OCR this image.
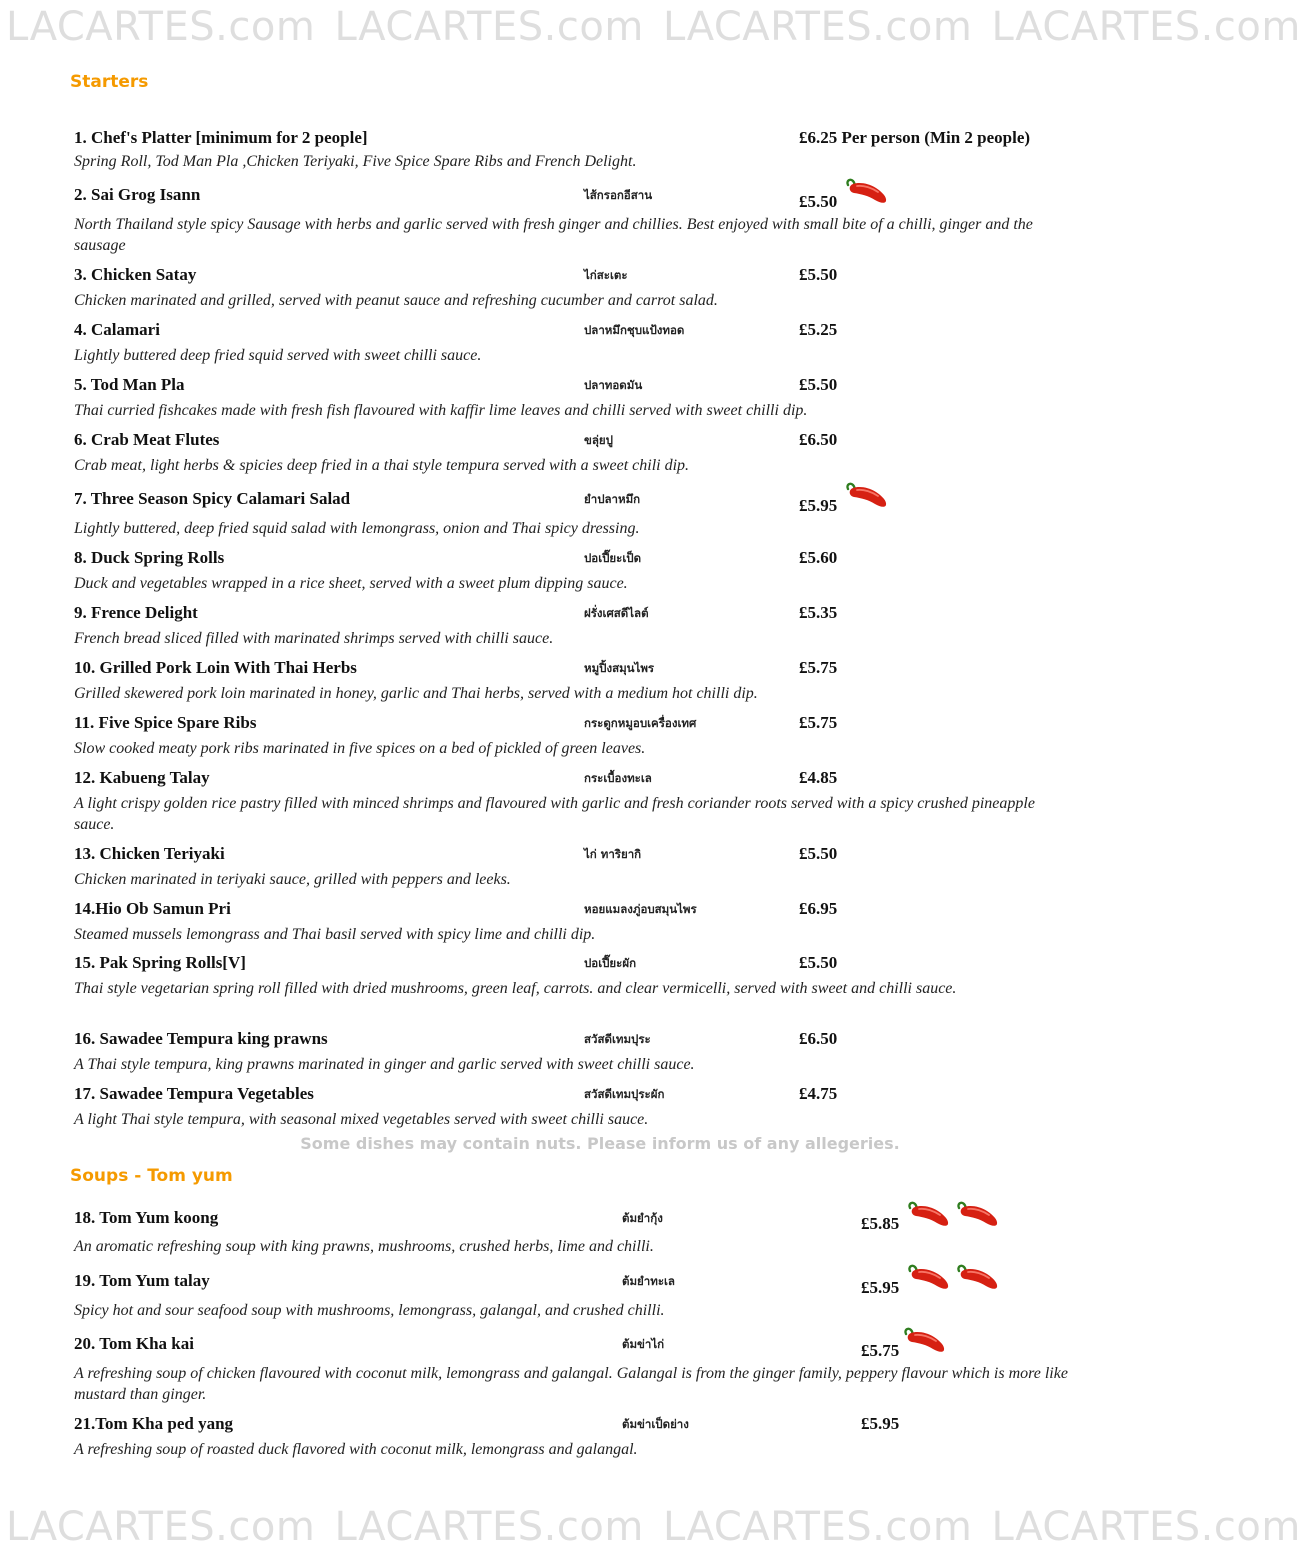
LACARTES.com LACARTES.com LACARTES.com LACARTES.com
Starters
1. Chef's Platter [minimum for 2 people]	£6.25 Per person (Min 2 people)
Spring Roll, Tod Man Pla ,Chicken Teriyaki, Five Spice Spare Ribs and French Delight.
2. Sai Grog Isann	ไส้กรอกอีสาน	£5.50
North Thailand style spicy Sausage with herbs and garlic served with fresh ginger and chillies. Best enjoyed with small bite of a chilli, ginger and the sausage
3. Chicken Satay	ไก่สะเตะ	£5.50
Chicken marinated and grilled, served with peanut sauce and refreshing cucumber and carrot salad.
4. Calamari	ปลาหมึกชุบแป้งทอด	£5.25
Lightly buttered deep fried squid served with sweet chilli sauce.
5. Tod Man Pla	ปลาทอดมัน	£5.50
Thai curried fishcakes made with fresh fish flavoured with kaffir lime leaves and chilli served with sweet chilli dip.
6. Crab Meat Flutes	ขลุ่ยปู	£6.50
Crab meat, light herbs & spicies deep fried in a thai style tempura served with a sweet chili dip.
7. Three Season Spicy Calamari Salad	ยำปลาหมึก	£5.95
Lightly buttered, deep fried squid salad with lemongrass, onion and Thai spicy dressing.
8. Duck Spring Rolls	ปอเปี๊ยะเป็ด	£5.60
Duck and vegetables wrapped in a rice sheet, served with a sweet plum dipping sauce.
9. Frence Delight	ฝรั่งเศสดีไลต์	£5.35
French bread sliced filled with marinated shrimps served with chilli sauce.
10. Grilled Pork Loin With Thai Herbs	หมูปิ้งสมุนไพร	£5.75
Grilled skewered pork loin marinated in honey, garlic and Thai herbs, served with a medium hot chilli dip.
11. Five Spice Spare Ribs	กระดูกหมูอบเครื่องเทศ	£5.75
Slow cooked meaty pork ribs marinated in five spices on a bed of pickled of green leaves.
12. Kabueng Talay	กระเบื้องทะเล	£4.85
A light crispy golden rice pastry filled with minced shrimps and flavoured with garlic and fresh coriander roots served with a spicy crushed pineapple sauce.
13. Chicken Teriyaki	ไก่ ทาริยากิ	£5.50
Chicken marinated in teriyaki sauce, grilled with peppers and leeks.
14.Hio Ob Samun Pri	หอยแมลงภู่อบสมุนไพร	£6.95
Steamed mussels lemongrass and Thai basil served with spicy lime and chilli dip.
15. Pak Spring Rolls[V]	ปอเปี๊ยะผัก	£5.50
Thai style vegetarian spring roll filled with dried mushrooms, green leaf, carrots. and clear vermicelli, served with sweet and chilli sauce.
16. Sawadee Tempura king prawns	สวัสดีเทมปุระ	£6.50
A Thai style tempura, king prawns marinated in ginger and garlic served with sweet chilli sauce.
17. Sawadee Tempura Vegetables	สวัสดีเทมปุระผัก	£4.75
A light Thai style tempura, with seasonal mixed vegetables served with sweet chilli sauce.
Some dishes may contain nuts. Please inform us of any allegeries.
Soups - Tom yum
18. Tom Yum koong	ต้มยำกุ้ง	£5.85
An aromatic refreshing soup with king prawns, mushrooms, crushed herbs, lime and chilli.
19. Tom Yum talay	ต้มยำทะเล	£5.95
Spicy hot and sour seafood soup with mushrooms, lemongrass, galangal, and crushed chilli.
20. Tom Kha kai	ต้มข่าไก่	£5.75
A refreshing soup of chicken flavoured with coconut milk, lemongrass and galangal. Galangal is from the ginger family, peppery flavour which is more like mustard than ginger.
21.Tom Kha ped yang	ต้มข่าเป็ดย่าง	£5.95
A refreshing soup of roasted duck flavored with coconut milk, lemongrass and galangal.
LACARTES.com LACARTES.com LACARTES.com LACARTES.com
